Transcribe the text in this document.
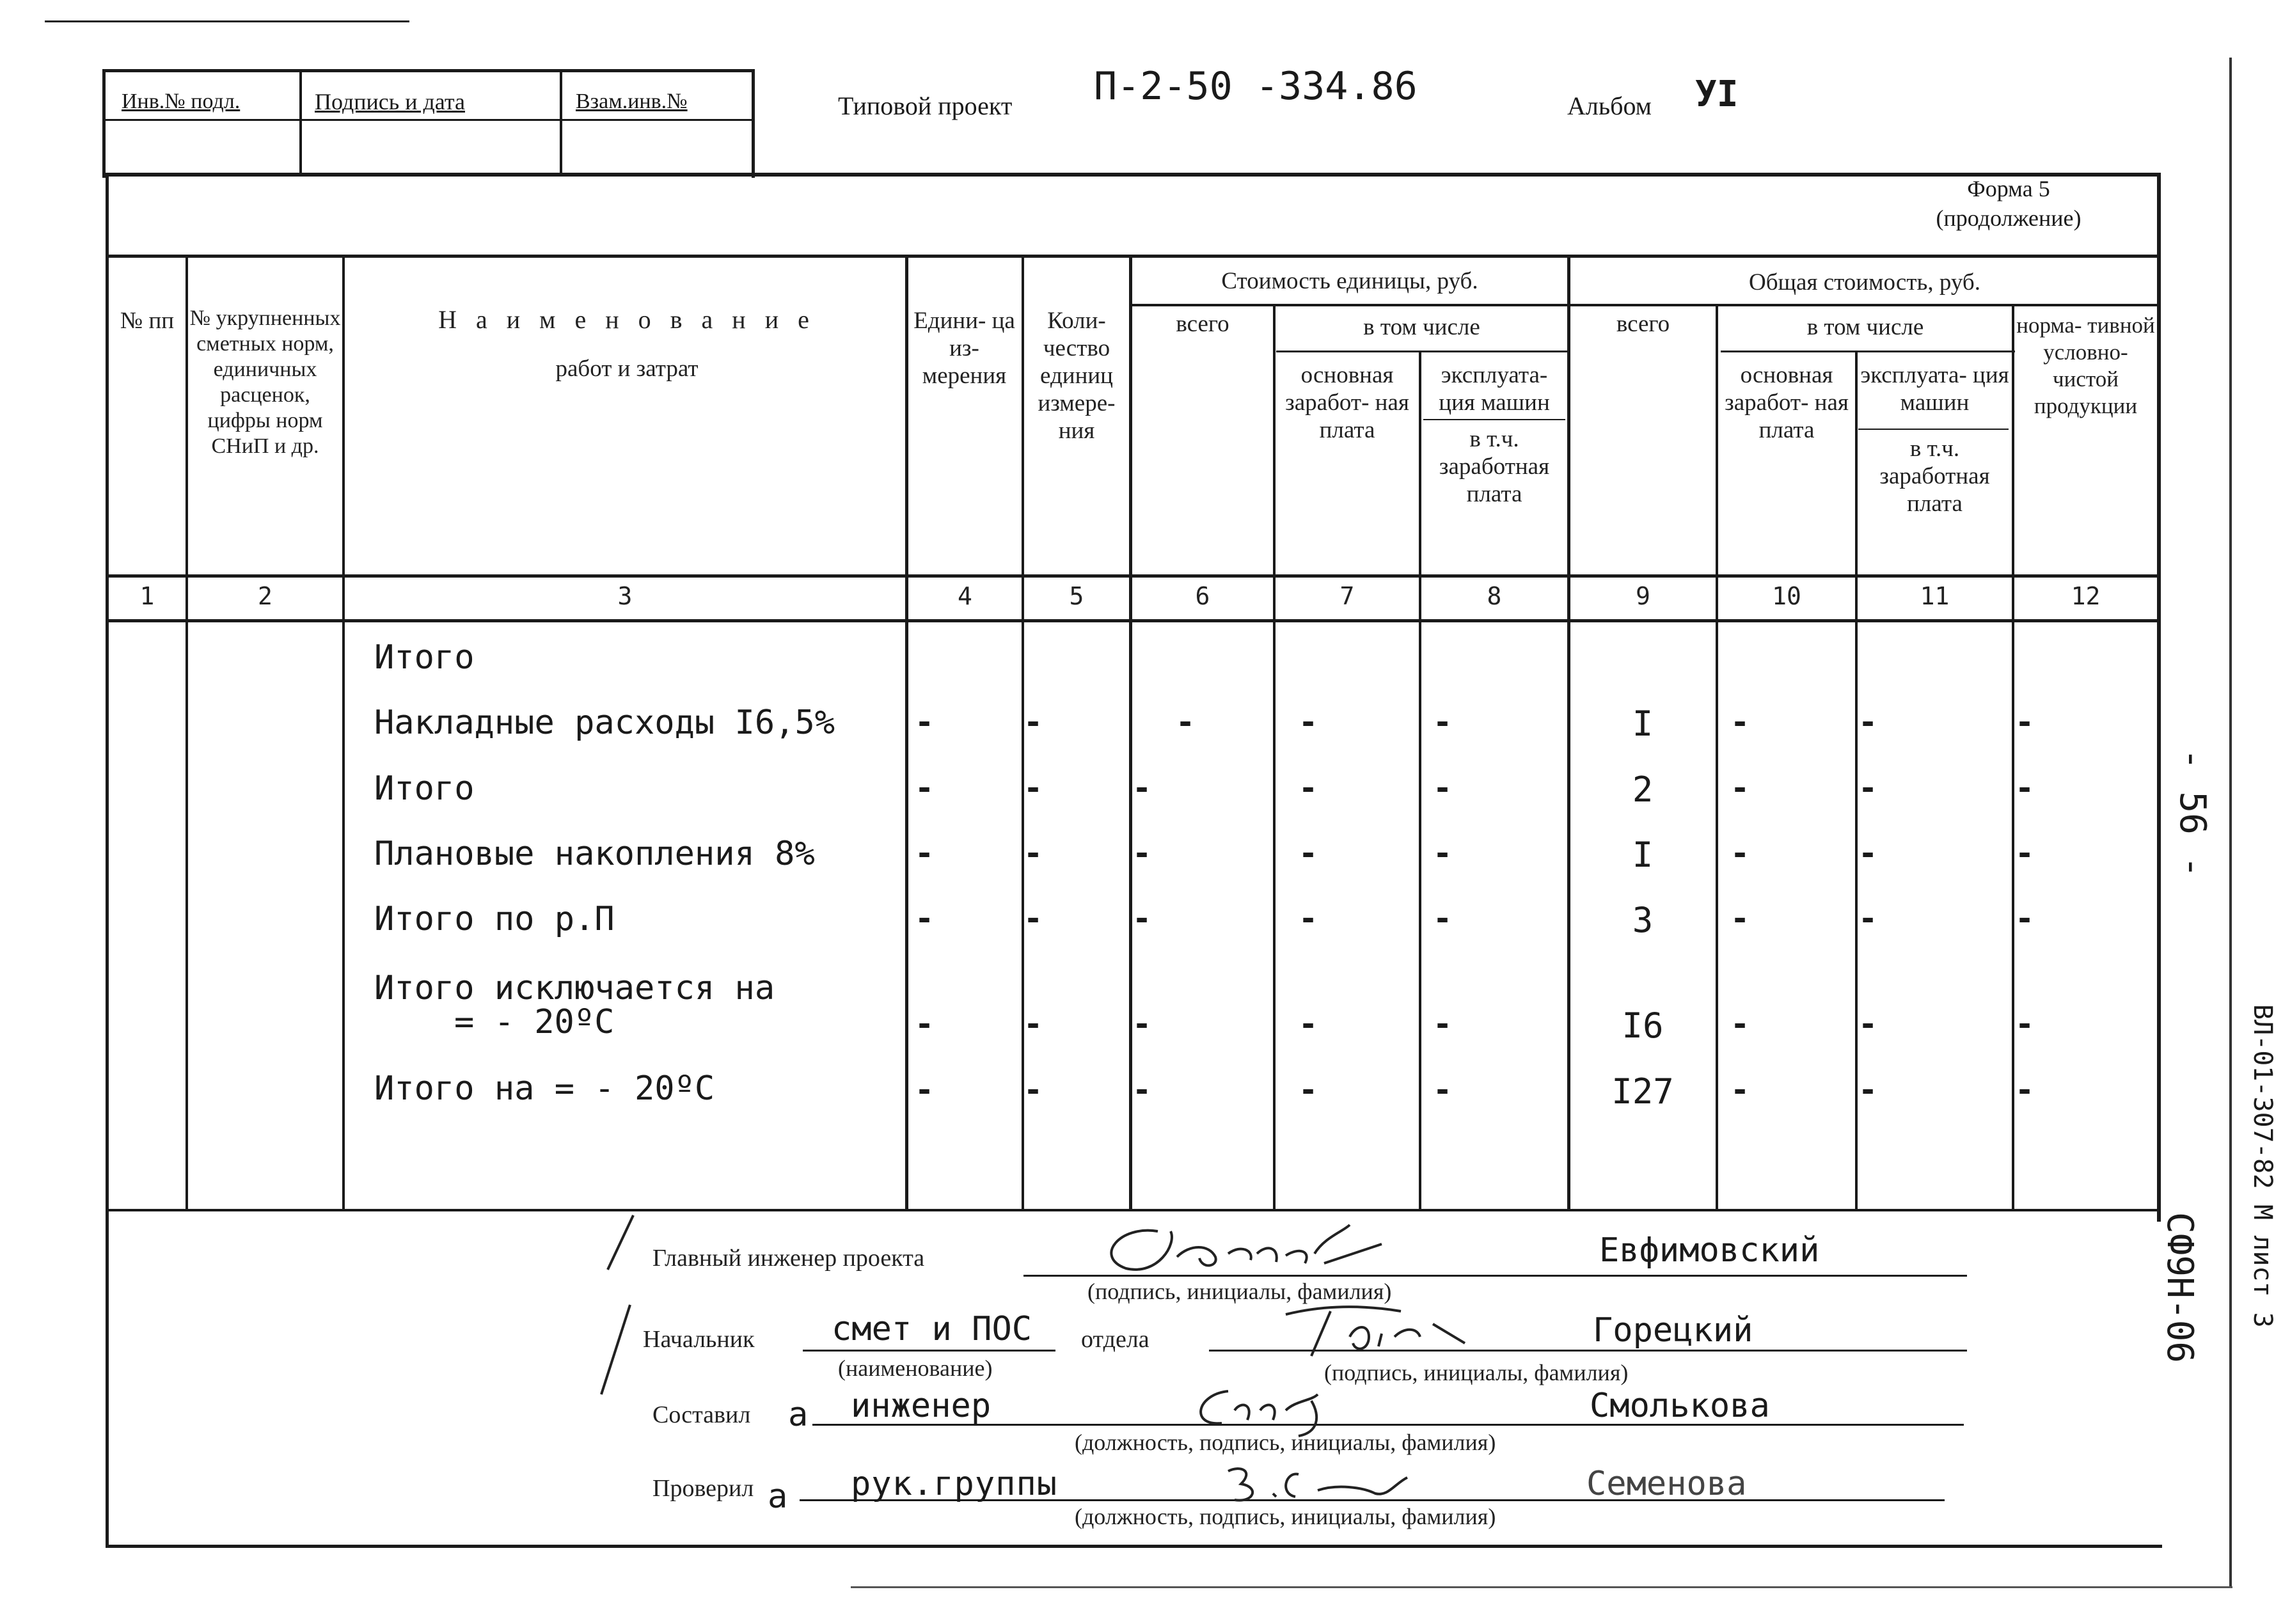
Инв.№ подл.	Подпись и дата	Взам.инв.№	Типовой проект П-2-50 -334.86	Альбом УI
Форма 5
(продолжение)
№ пп № укрупненных сметных норм, единичных расценок, цифры норм СНиП и др.
Н а и м е н о в а н и е
работ и затрат
Едини- ца из- мерения
Коли- чество единиц измере- ния
Стоимость единицы, руб.	Общая стоимость, руб.
всего	в том числе
основная заработ- ная плата
эксплуата- ция машин
в т.ч. заработная плата
всего	в том числе
основная заработ- ная плата
эксплуата- ция машин
в т.ч. заработная плата
норма- тивной условно- чистой продукции
1	2	3	4	5	6	7	8	9	10	11	12
Итого
Накладные расходы I6,5% -	-	-	-	-	I	-	-	-
Итого	-	-	-	-	-	2	-	-	-
Плановые накопления 8%	-	-	-	-	-	I	-	-	-
Итого по р.П	-	-	-	-	-	3	-	-	-
Итого исключается на
= - 20ºC	-	-	-	-	-	I6	-	-	-
Итого на = - 20ºC	-	-	-	-	-	I27 -	-	-
Главный инженер проекта	Евфимовский
(подпись, инициалы, фамилия)
Начальник смет и ПОС отдела	Горецкий
(наименование)	(подпись, инициалы, фамилия)
Составил а инженер	Смолькова
(должность, подпись, инициалы, фамилия)
Проверил а рук.группы	Семенова
(должность, подпись, инициалы, фамилия)
- 56 -
СФ9Н-06 ВЛ-01-307-82 М лист 3
